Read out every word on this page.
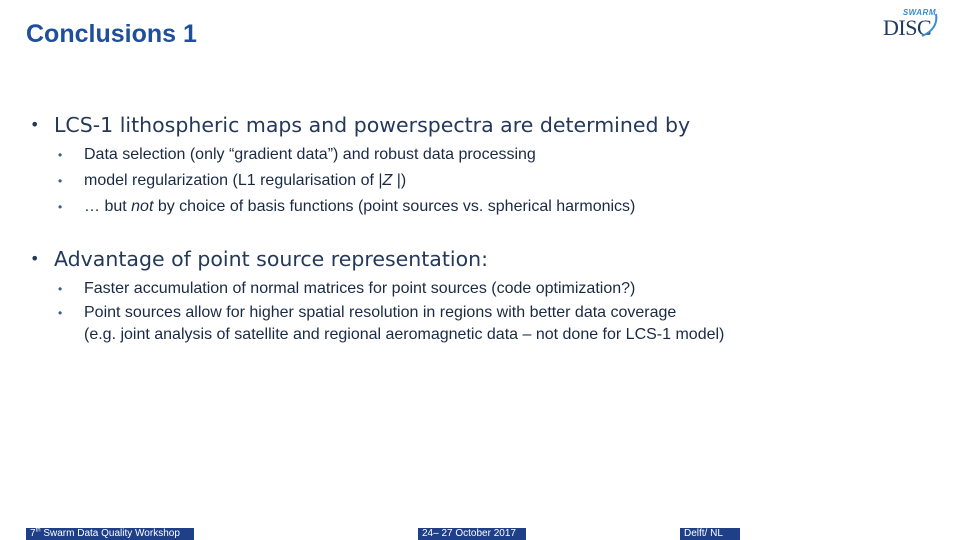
Conclusions 1
SWARM
DISC
• LCS-1 lithospheric maps and powerspectra are determined by
• Data selection (only “gradient data”) and robust data processing
• model regularization (L1 regularisation of |Z |)
• … but not by choice of basis functions (point sources vs. spherical harmonics)
• Advantage of point source representation:
• Faster accumulation of normal matrices for point sources (code optimization?)
• Point sources allow for higher spatial resolution in regions with better data coverage
(e.g. joint analysis of satellite and regional aeromagnetic data – not done for LCS-1 model)
7th Swarm Data Quality Workshop	24– 27 October 2017	Delft/ NL
